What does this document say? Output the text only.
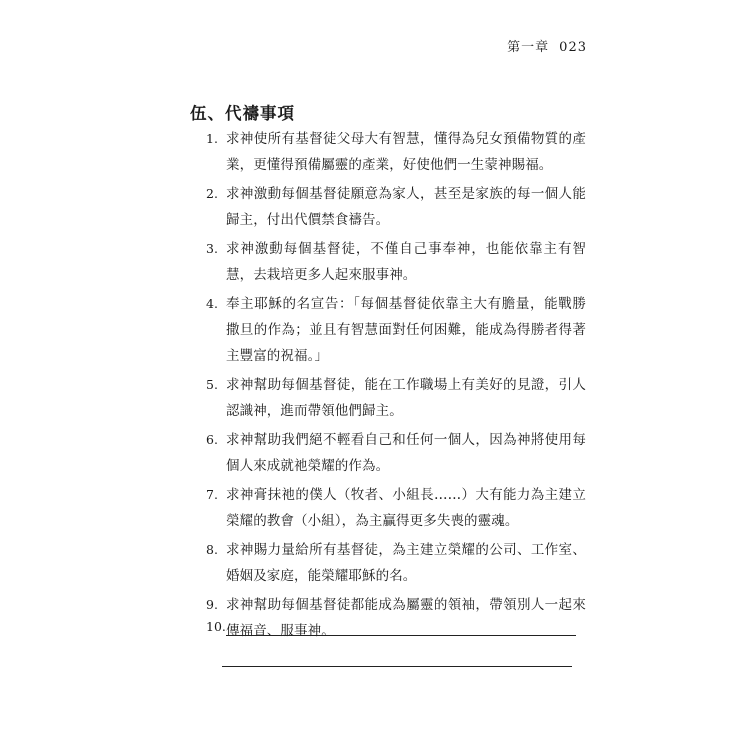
第一章 023
伍、代禱事項
1. 求神使所有基督徒父母大有智慧，懂得為兒女預備物質的產業，更懂得預備屬靈的產業，好使他們一生蒙神賜福。
2. 求神激動每個基督徒願意為家人，甚至是家族的每一個人能歸主，付出代價禁食禱告。
3. 求神激動每個基督徒，不僅自己事奉神，也能依靠主有智慧，去栽培更多人起來服事神。
4. 奉主耶穌的名宣告：「每個基督徒依靠主大有膽量，能戰勝撒旦的作為；並且有智慧面對任何困難，能成為得勝者得著主豐富的祝福。」
5. 求神幫助每個基督徒，能在工作職場上有美好的見證，引人認識神，進而帶領他們歸主。
6. 求神幫助我們絕不輕看自己和任何一個人，因為神將使用每個人來成就祂榮耀的作為。
7. 求神膏抹祂的僕人（牧者、小組長……）大有能力為主建立榮耀的教會（小組），為主贏得更多失喪的靈魂。
8. 求神賜力量給所有基督徒，為主建立榮耀的公司、工作室、婚姻及家庭，能榮耀耶穌的名。
9. 求神幫助每個基督徒都能成為屬靈的領袖，帶領別人一起來傳福音、服事神。
10.
